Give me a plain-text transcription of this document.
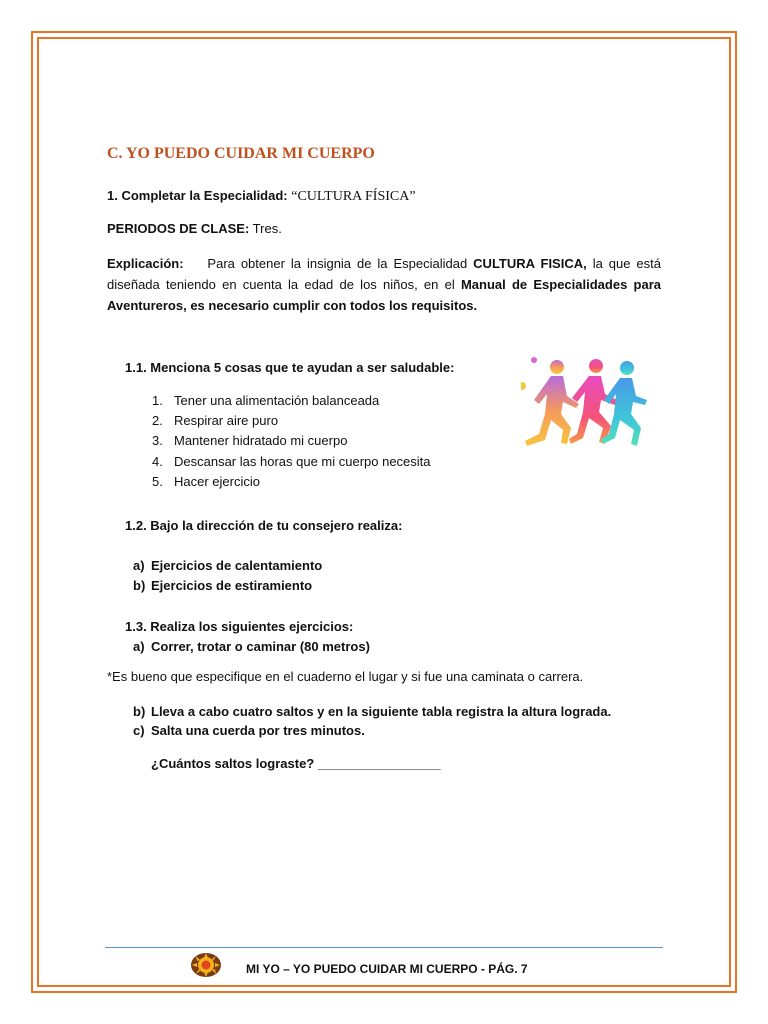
C. YO PUEDO CUIDAR MI CUERPO
1. Completar la Especialidad: “CULTURA FÍSICA”
PERIODOS DE CLASE: Tres.
Explicación:    Para obtener la insignia de la Especialidad CULTURA FISICA, la que está diseñada teniendo en cuenta la edad de los niños, en el Manual de Especialidades para Aventureros, es necesario cumplir con todos los requisitos.
1.1. Menciona 5 cosas que te ayudan a ser saludable:
1. Tener una alimentación balanceada
2. Respirar aire puro
3. Mantener hidratado mi cuerpo
4. Descansar las horas que mi cuerpo necesita
5. Hacer ejercicio
1.2. Bajo la dirección de tu consejero realiza:
a) Ejercicios de calentamiento
b) Ejercicios de estiramiento
1.3. Realiza los siguientes ejercicios:
a) Correr, trotar o caminar (80 metros)
*Es bueno que especifique en el cuaderno el lugar y si fue una caminata o carrera.
b) Lleva a cabo cuatro saltos y en la siguiente tabla registra la altura lograda.
c) Salta una cuerda por tres minutos.
¿Cuántos saltos lograste? _________________
MI YO – YO PUEDO CUIDAR MI CUERPO - PÁG. 7
